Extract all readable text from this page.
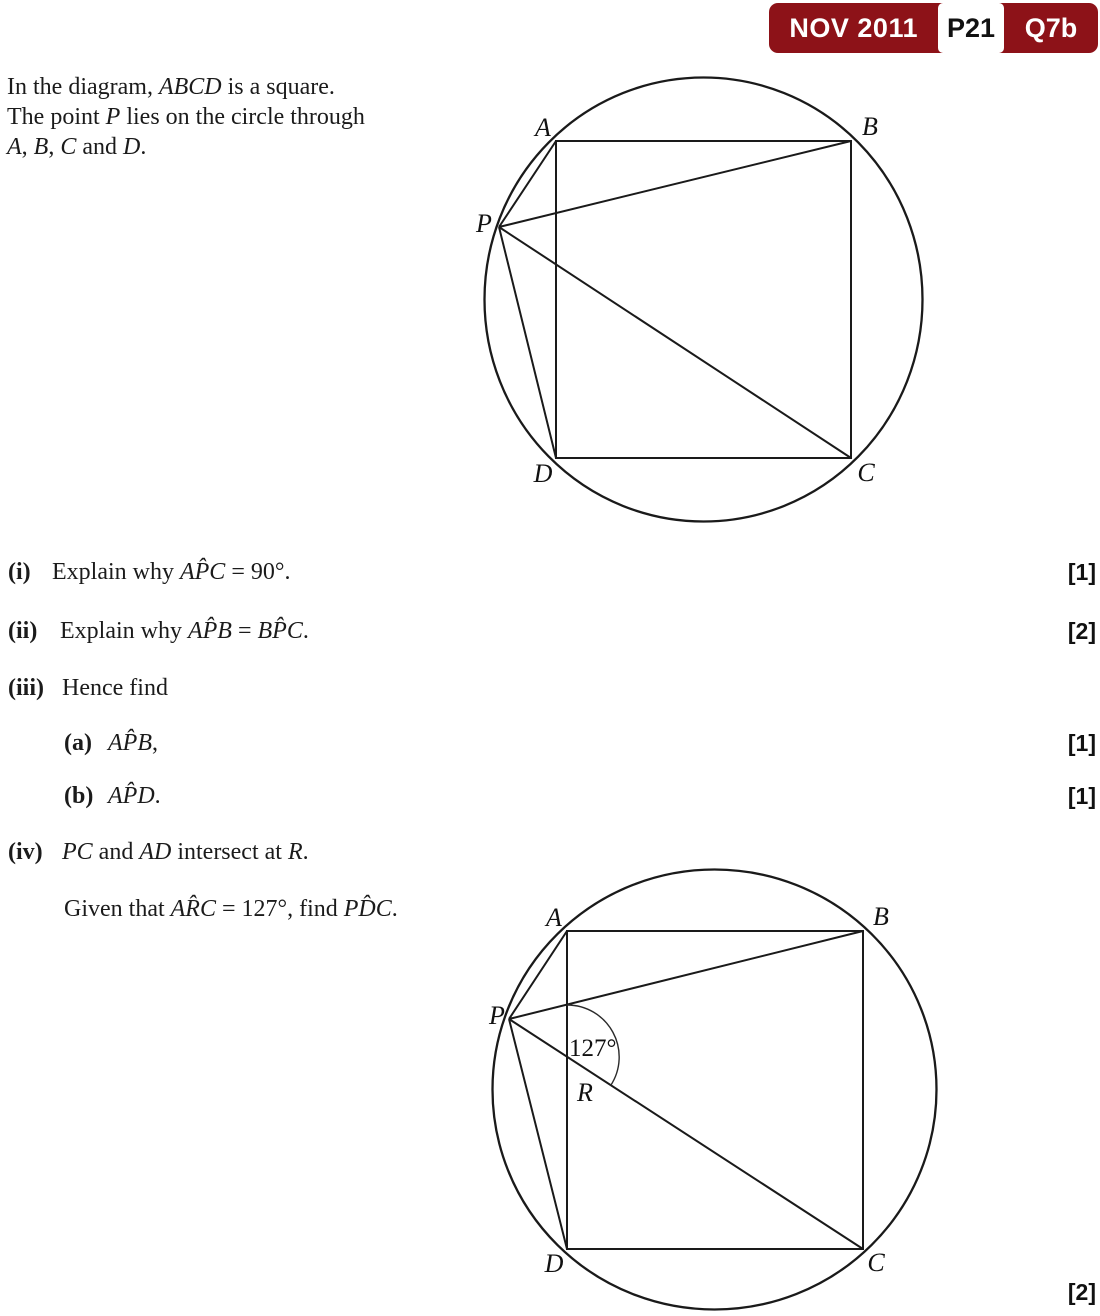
NOV 2011	P21	Q7b
In the diagram, ABCD is a square.
The point P lies on the circle through
A, B, C and D.
A	B
P
D	C
(i) Explain why AP̂C = 90°.	[1]
(ii) Explain why AP̂B = BP̂C.	[2]
(iii) Hence find
(a) AP̂B,	[1]
(b) AP̂D.	[1]
(iv) PC and AD intersect at R.
Given that AR̂C = 127°, find PD̂C.
127°
A	B
P
R
D	C
[2]
